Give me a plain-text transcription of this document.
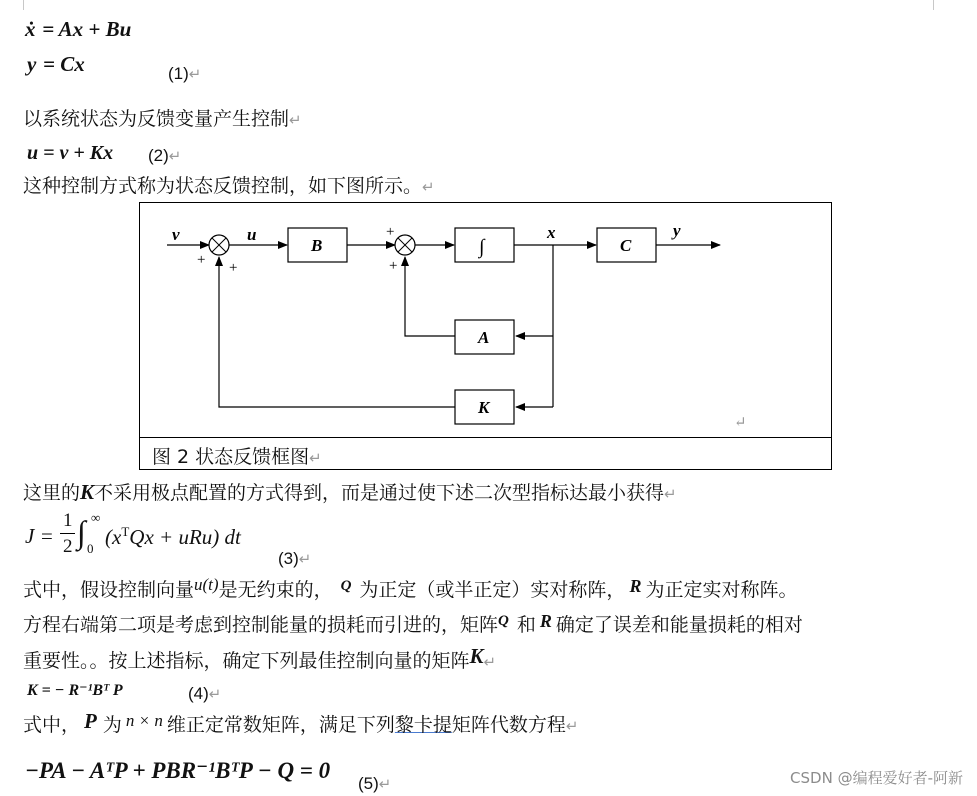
ẋ = Ax + Bu
y = Cx	(1)↵
以系统状态为反馈变量产生控制↵
u = v + Kx (2)↵
这种控制方式称为状态反馈控制，如下图所示。↵
v	u	x	y
B	∫	C
A
K
+ +
+
+
↵
图 2 状态反馈框图↵
这里的K不采用极点配置的方式得到，而是通过使下述二次型指标达最小获得↵
J =
1
2 ∫ ∞
0 $(x^TQx + uRu)$ dt
(3)↵
式中，假设控制向量u(t)是无约束的， $^Q$ 为正定（或半正定）实对称阵， R 为正定实对称阵。
方程右端第二项是考虑到控制能量的损耗而引进的，矩阵$^Q$ 和 R 确定了误差和能量损耗的相对
重要性。。按上述指标，确定下列最佳控制向量的矩阵K↵
K = − R⁻¹Bᵀ P	(4)↵
式中， P 为 n × n 维正定常数矩阵，满足下列黎卡提矩阵代数方程↵
−PA − AᵀP + PBR⁻¹BᵀP − Q = 0
(5)↵	CSDN @编程爱好者-阿新
